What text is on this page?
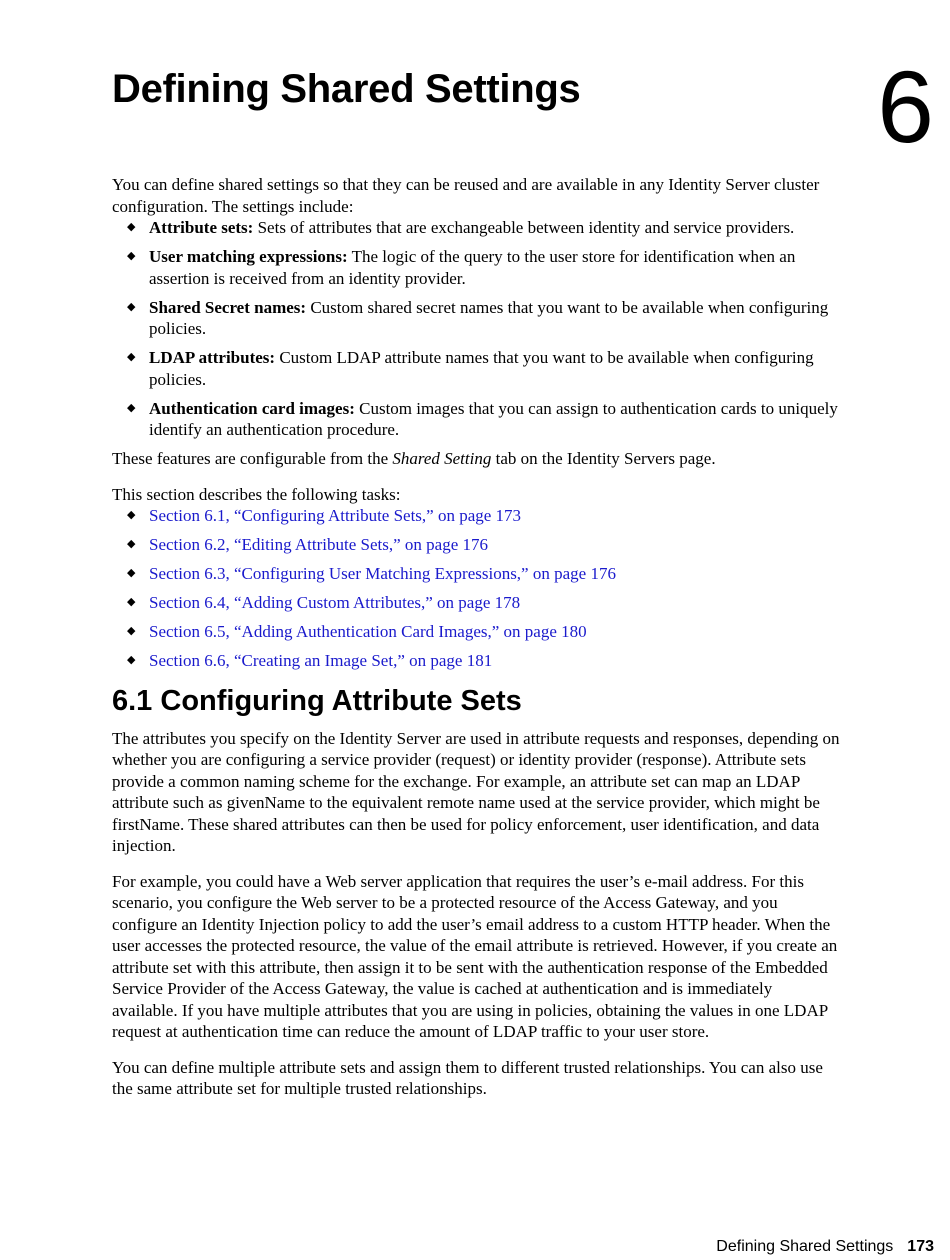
6
Defining Shared Settings

You can define shared settings so that they can be reused and are available in any Identity Server cluster configuration. The settings include:

◆ Attribute sets: Sets of attributes that are exchangeable between identity and service providers.
◆ User matching expressions: The logic of the query to the user store for identification when an assertion is received from an identity provider.
◆ Shared Secret names: Custom shared secret names that you want to be available when configuring policies.
◆ LDAP attributes: Custom LDAP attribute names that you want to be available when configuring policies.
◆ Authentication card images: Custom images that you can assign to authentication cards to uniquely identify an authentication procedure.

These features are configurable from the Shared Setting tab on the Identity Servers page.

This section describes the following tasks:

◆ Section 6.1, “Configuring Attribute Sets,” on page 173
◆ Section 6.2, “Editing Attribute Sets,” on page 176
◆ Section 6.3, “Configuring User Matching Expressions,” on page 176
◆ Section 6.4, “Adding Custom Attributes,” on page 178
◆ Section 6.5, “Adding Authentication Card Images,” on page 180
◆ Section 6.6, “Creating an Image Set,” on page 181
6.1 Configuring Attribute Sets

The attributes you specify on the Identity Server are used in attribute requests and responses, depending on whether you are configuring a service provider (request) or identity provider (response). Attribute sets provide a common naming scheme for the exchange. For example, an attribute set can map an LDAP attribute such as givenName to the equivalent remote name used at the service provider, which might be firstName. These shared attributes can then be used for policy enforcement, user identification, and data injection.

For example, you could have a Web server application that requires the user’s e-mail address. For this scenario, you configure the Web server to be a protected resource of the Access Gateway, and you configure an Identity Injection policy to add the user’s email address to a custom HTTP header. When the user accesses the protected resource, the value of the email attribute is retrieved. However, if you create an attribute set with this attribute, then assign it to be sent with the authentication response of the Embedded Service Provider of the Access Gateway, the value is cached at authentication and is immediately available. If you have multiple attributes that you are using in policies, obtaining the values in one LDAP request at authentication time can reduce the amount of LDAP traffic to your user store.

You can define multiple attribute sets and assign them to different trusted relationships. You can also use the same attribute set for multiple trusted relationships.

Defining Shared Settings 173
